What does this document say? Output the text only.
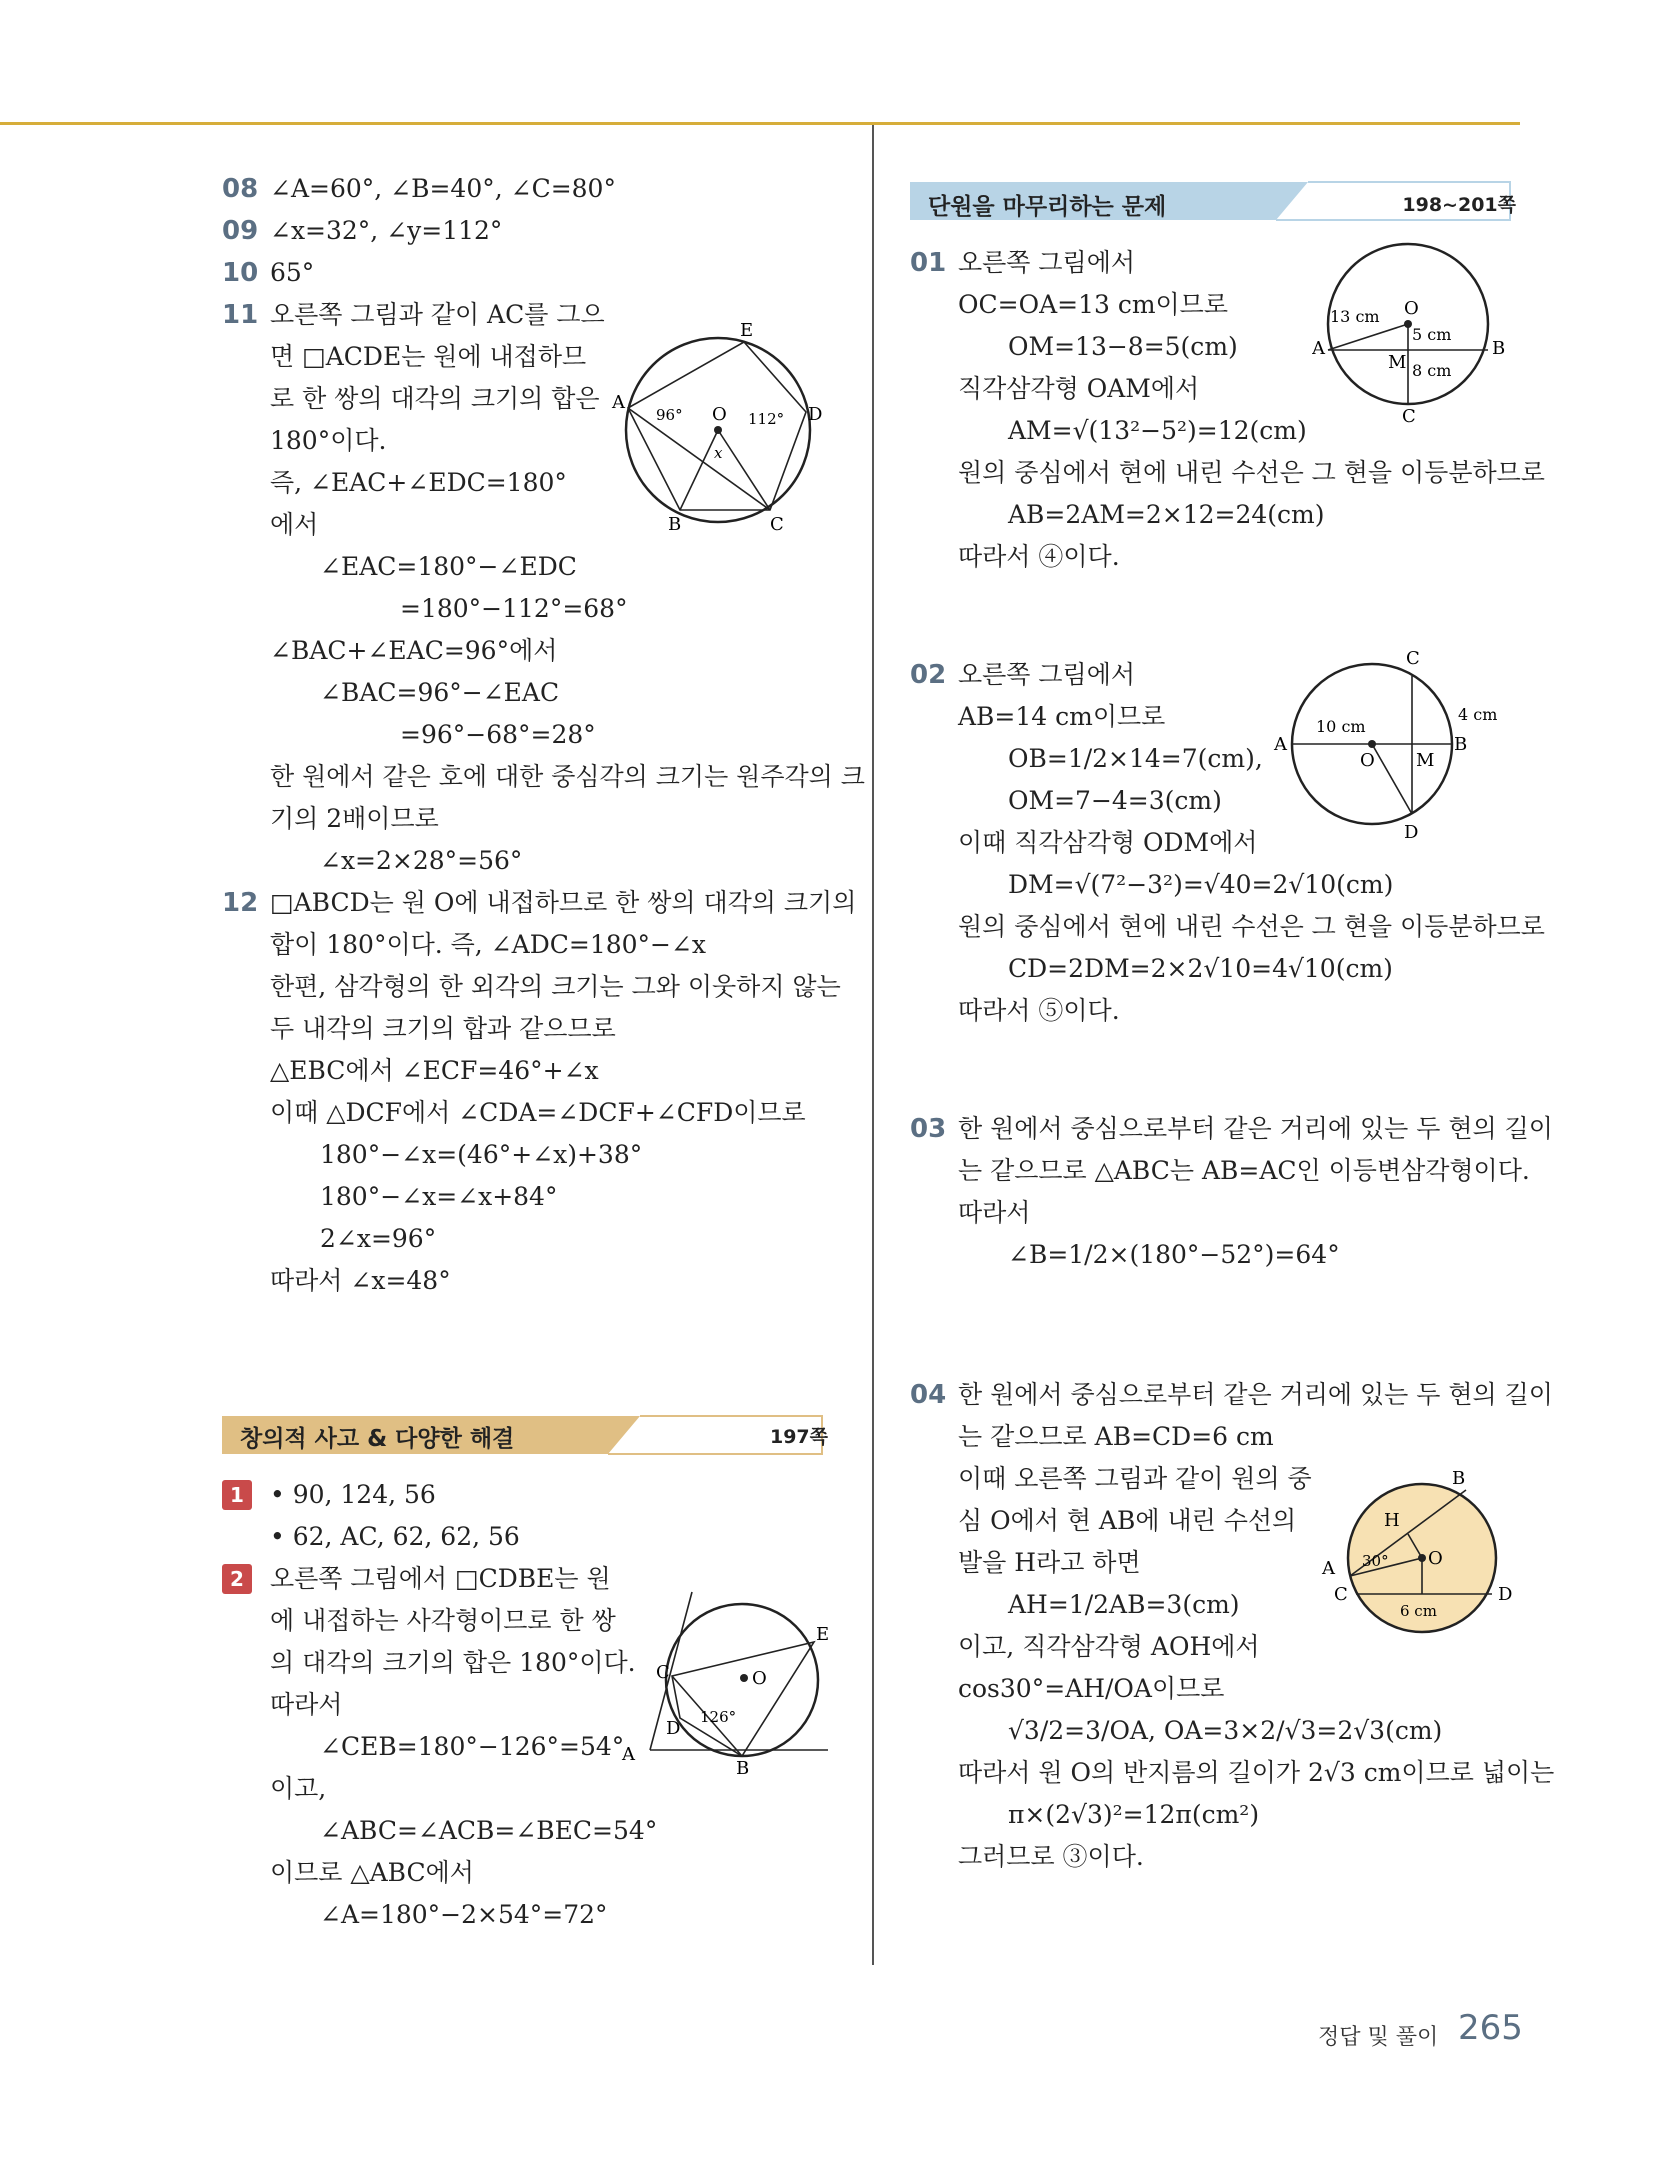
08 ∠A=60°, ∠B=40°, ∠C=80°
09 ∠x=32°, ∠y=112°
10 65°
11 오른쪽 그림과 같이 AC를 그으
면 □ACDE는 원에 내접하므
로 한 쌍의 대각의 크기의 합은
180°이다.
즉, ∠EAC+∠EDC=180°
에서
∠EAC=180°−∠EDC
=180°−112°=68°
∠BAC+∠EAC=96°에서
∠BAC=96°−∠EAC
=96°−68°=28°
한 원에서 같은 호에 대한 중심각의 크기는 원주각의 크
기의 2배이므로
∠x=2×28°=56°
12 □ABCD는 원 O에 내접하므로 한 쌍의 대각의 크기의
합이 180°이다. 즉, ∠ADC=180°−∠x
한편, 삼각형의 한 외각의 크기는 그와 이웃하지 않는
두 내각의 크기의 합과 같으므로
△EBC에서 ∠ECF=46°+∠x
이때 △DCF에서 ∠CDA=∠DCF+∠CFD이므로
180°−∠x=(46°+∠x)+38°
180°−∠x=∠x+84°
2∠x=96°
따라서 ∠x=48°
창의적 사고 & 다양한 해결	197쪽
1	• 90, 124, 56
• 62, AC, 62, 62, 56
2	오른쪽 그림에서 □CDBE는 원
에 내접하는 사각형이므로 한 쌍
의 대각의 크기의 합은 180°이다.
따라서
∠CEB=180°−126°=54°
이고,
∠ABC=∠ACB=∠BEC=54°
이므로 △ABC에서
∠A=180°−2×54°=72°
단원을 마무리하는 문제	198~201쪽
01 오른쪽 그림에서
OC=OA=13 cm이므로
OM=13−8=5(cm)
직각삼각형 OAM에서
AM=√(13²−5²)=12(cm)
원의 중심에서 현에 내린 수선은 그 현을 이등분하므로
AB=2AM=2×12=24(cm)
따라서 ④이다.
02 오른쪽 그림에서
AB=14 cm이므로
OB=1/2×14=7(cm),
OM=7−4=3(cm)
이때 직각삼각형 ODM에서
DM=√(7²−3²)=√40=2√10(cm)
원의 중심에서 현에 내린 수선은 그 현을 이등분하므로
CD=2DM=2×2√10=4√10(cm)
따라서 ⑤이다.
03 한 원에서 중심으로부터 같은 거리에 있는 두 현의 길이
는 같으므로 △ABC는 AB=AC인 이등변삼각형이다.
따라서
∠B=1/2×(180°−52°)=64°
04 한 원에서 중심으로부터 같은 거리에 있는 두 현의 길이
는 같으므로 AB=CD=6 cm
이때 오른쪽 그림과 같이 원의 중
심 O에서 현 AB에 내린 수선의
발을 H라고 하면
AH=1/2AB=3(cm)
이고, 직각삼각형 AOH에서
cos30°=AH/OA이므로
√3/2=3/OA, OA=3×2/√3=2√3(cm)
따라서 원 O의 반지름의 길이가 2√3 cm이므로 넓이는
π×(2√3)²=12π(cm²)
그러므로 ③이다.
E
A
96° O 112° D
x
B	C
E
C	O
126°
D
A
B
O
13 cm
5 cm
A
M
B
8 cm
C
C
10 cm
4 cm
A
O M
B
D
B
H
A 30° O
C
6 cm
D
정답 및 풀이 265
